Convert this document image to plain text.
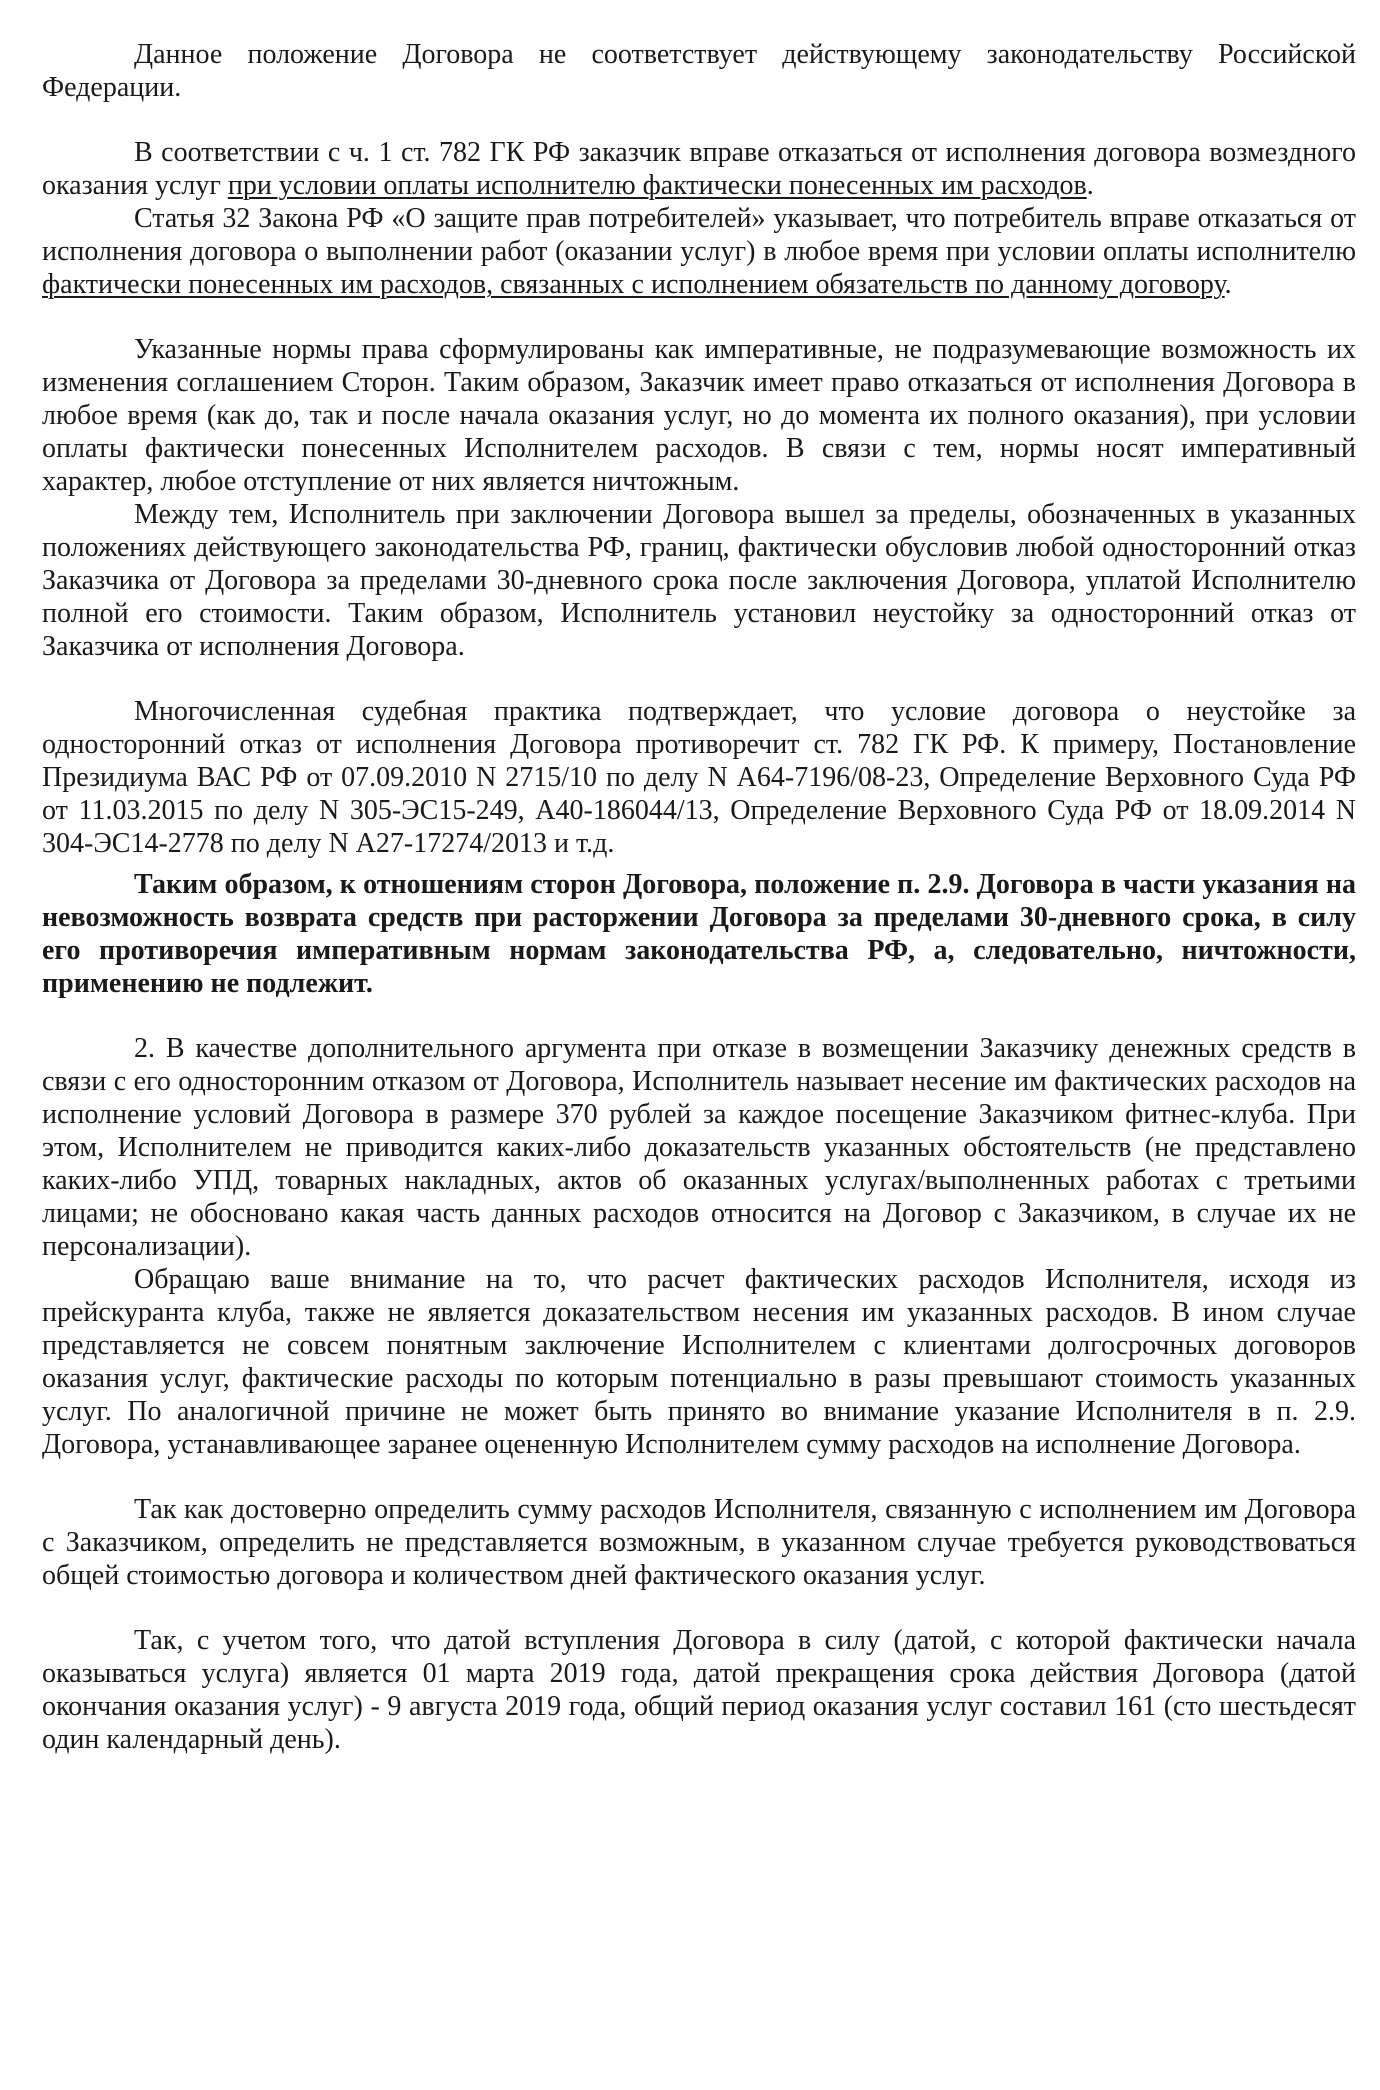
Данное положение Договора не соответствует действующему законодательству Российской Федерации.

В соответствии с ч. 1 ст. 782 ГК РФ заказчик вправе отказаться от исполнения договора возмездного оказания услуг при условии оплаты исполнителю фактически понесенных им расходов.

Статья 32 Закона РФ «О защите прав потребителей» указывает, что потребитель вправе отказаться от исполнения договора о выполнении работ (оказании услуг) в любое время при условии оплаты исполнителю фактически понесенных им расходов, связанных с исполнением обязательств по данному договору.

Указанные нормы права сформулированы как императивные, не подразумевающие возможность их изменения соглашением Сторон. Таким образом, Заказчик имеет право отказаться от исполнения Договора в любое время (как до, так и после начала оказания услуг, но до момента их полного оказания), при условии оплаты фактически понесенных Исполнителем расходов. В связи с тем, нормы носят императивный характер, любое отступление от них является ничтожным.

Между тем, Исполнитель при заключении Договора вышел за пределы, обозначенных в указанных положениях действующего законодательства РФ, границ, фактически обусловив любой односторонний отказ Заказчика от Договора за пределами 30-дневного срока после заключения Договора, уплатой Исполнителю полной его стоимости. Таким образом, Исполнитель установил неустойку за односторонний отказ от Заказчика от исполнения Договора.

Многочисленная судебная практика подтверждает, что условие договора о неустойке за односторонний отказ от исполнения Договора противоречит ст. 782 ГК РФ. К примеру, Постановление Президиума ВАС РФ от 07.09.2010 N 2715/10 по делу N А64-7196/08-23, Определение Верховного Суда РФ от 11.03.2015 по делу N 305-ЭС15-249, А40-186044/13, Определение Верховного Суда РФ от 18.09.2014 N 304-ЭС14-2778 по делу N А27-17274/2013 и т.д.

Таким образом, к отношениям сторон Договора, положение п. 2.9. Договора в части указания на невозможность возврата средств при расторжении Договора за пределами 30-дневного срока, в силу его противоречия императивным нормам законодательства РФ, а, следовательно, ничтожности, применению не подлежит.

2. В качестве дополнительного аргумента при отказе в возмещении Заказчику денежных средств в связи с его односторонним отказом от Договора, Исполнитель называет несение им фактических расходов на исполнение условий Договора в размере 370 рублей за каждое посещение Заказчиком фитнес-клуба. При этом, Исполнителем не приводится каких-либо доказательств указанных обстоятельств (не представлено каких-либо УПД, товарных накладных, актов об оказанных услугах/выполненных работах с третьими лицами; не обосновано какая часть данных расходов относится на Договор с Заказчиком, в случае их не персонализации).

Обращаю ваше внимание на то, что расчет фактических расходов Исполнителя, исходя из прейскуранта клуба, также не является доказательством несения им указанных расходов. В ином случае представляется не совсем понятным заключение Исполнителем с клиентами долгосрочных договоров оказания услуг, фактические расходы по которым потенциально в разы превышают стоимость указанных услуг. По аналогичной причине не может быть принято во внимание указание Исполнителя в п. 2.9. Договора, устанавливающее заранее оцененную Исполнителем сумму расходов на исполнение Договора.

Так как достоверно определить сумму расходов Исполнителя, связанную с исполнением им Договора с Заказчиком, определить не представляется возможным, в указанном случае требуется руководствоваться общей стоимостью договора и количеством дней фактического оказания услуг.

Так, с учетом того, что датой вступления Договора в силу (датой, с которой фактически начала оказываться услуга) является 01 марта 2019 года, датой прекращения срока действия Договора (датой окончания оказания услуг) - 9 августа 2019 года, общий период оказания услуг составил 161 (сто шестьдесят один календарный день).
